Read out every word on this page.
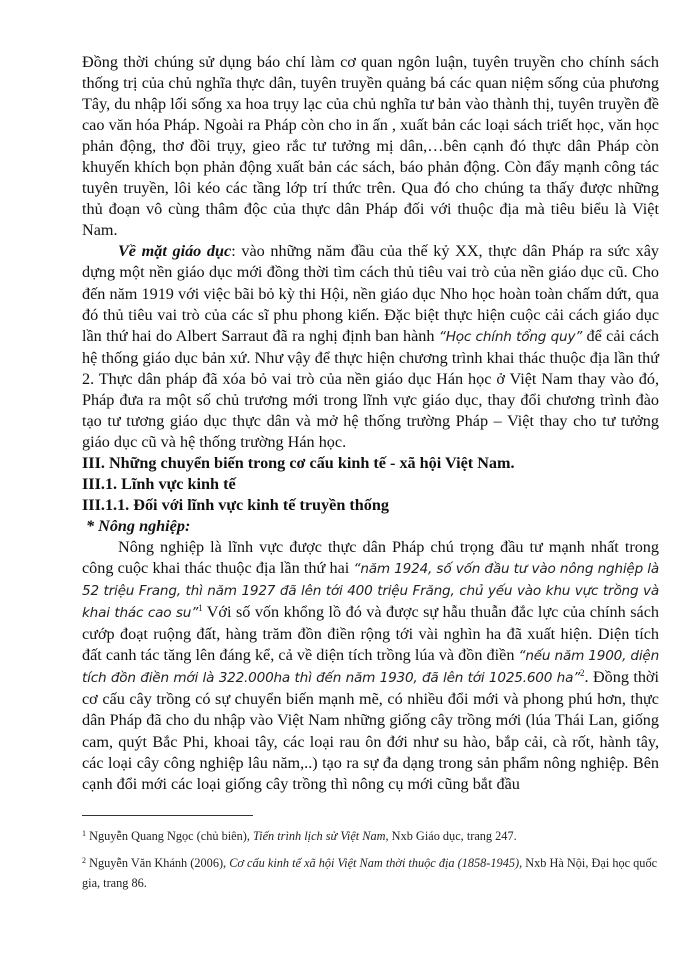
Đồng thời chúng sử dụng báo chí làm cơ quan ngôn luận, tuyên truyền cho chính sách thống trị của chủ nghĩa thực dân, tuyên truyền quảng bá các quan niệm sống của phương Tây, du nhập lối sống xa hoa trụy lạc của chủ nghĩa tư bản vào thành thị, tuyên truyền đề cao văn hóa Pháp. Ngoài ra Pháp còn cho in ấn , xuất bản các loại sách triết học, văn học phản động, thơ đồi trụy, gieo rắc tư tưởng mị dân,…bên cạnh đó thực dân Pháp còn khuyến khích bọn phản động xuất bản các sách, báo phản động. Còn đẩy mạnh công tác tuyên truyền, lôi kéo các tầng lớp trí thức trên. Qua đó cho chúng ta thấy được những thủ đoạn vô cùng thâm độc của thực dân Pháp đối với thuộc địa mà tiêu biểu là Việt Nam.

Về mặt giáo dục: vào những năm đầu của thế kỷ XX, thực dân Pháp ra sức xây dựng một nền giáo dục mới đồng thời tìm cách thủ tiêu vai trò của nền giáo dục cũ. Cho đến năm 1919 với việc bãi bỏ kỳ thi Hội, nền giáo dục Nho học hoàn toàn chấm dứt, qua đó thủ tiêu vai trò của các sĩ phu phong kiến. Đặc biệt thực hiện cuộc cải cách giáo dục lần thứ hai do Albert Sarraut đã ra nghị định ban hành “Học chính tổng quy” để cải cách hệ thống giáo dục bản xứ. Như vậy để thực hiện chương trình khai thác thuộc địa lần thứ 2. Thực dân pháp đã xóa bỏ vai trò của nền giáo dục Hán học ở Việt Nam thay vào đó, Pháp đưa ra một số chủ trương mới trong lĩnh vực giáo dục, thay đổi chương trình đào tạo tư tương giáo dục thực dân và mở hệ thống trường Pháp – Việt thay cho tư tưởng giáo dục cũ và hệ thống trường Hán học.

III. Những chuyển biến trong cơ cấu kinh tế - xã hội Việt Nam.

III.1. Lĩnh vực kinh tế

III.1.1. Đối với lĩnh vực kinh tế truyền thống

* Nông nghiệp:

Nông nghiệp là lĩnh vực được thực dân Pháp chú trọng đầu tư mạnh nhất trong công cuộc khai thác thuộc địa lần thứ hai “năm 1924, số vốn đầu tư vào nông nghiệp là 52 triệu Frang, thì năm 1927 đã lên tới 400 triệu Frăng, chủ yếu vào khu vực trồng và khai thác cao su”$^1$ Với số vốn khổng lồ đó và được sự hẫu thuẫn đắc lực của chính sách cướp đoạt ruộng đất, hàng trăm đồn điền rộng tới vài nghìn ha đã xuất hiện. Diện tích đất canh tác tăng lên đáng kể, cả về diện tích trồng lúa và đồn điền “nếu năm 1900, diện tích đồn điền mới là 322.000ha thì đến năm 1930, đã lên tới 1025.600 ha”$^2$. Đồng thời cơ cấu cây trồng có sự chuyển biến mạnh mẽ, có nhiều đổi mới và phong phú hơn, thực dân Pháp đã cho du nhập vào Việt Nam những giống cây trồng mới (lúa Thái Lan, giống cam, quýt Bắc Phi, khoai tây, các loại rau ôn đới như su hào, bắp cải, cà rốt, hành tây, các loại cây công nghiệp lâu năm,..) tạo ra sự đa dạng trong sản phẩm nông nghiệp. Bên cạnh đổi mới các loại giống cây trồng thì nông cụ mới cũng bắt đầu

$^1$ Nguyễn Quang Ngọc (chủ biên), Tiến trình lịch sử Việt Nam, Nxb Giáo dục, trang 247.

$^2$ Nguyễn Văn Khánh (2006), Cơ cấu kinh tế xã hội Việt Nam thời thuộc địa (1858-1945), Nxb Hà Nội, Đại học quốc gia, trang 86.
